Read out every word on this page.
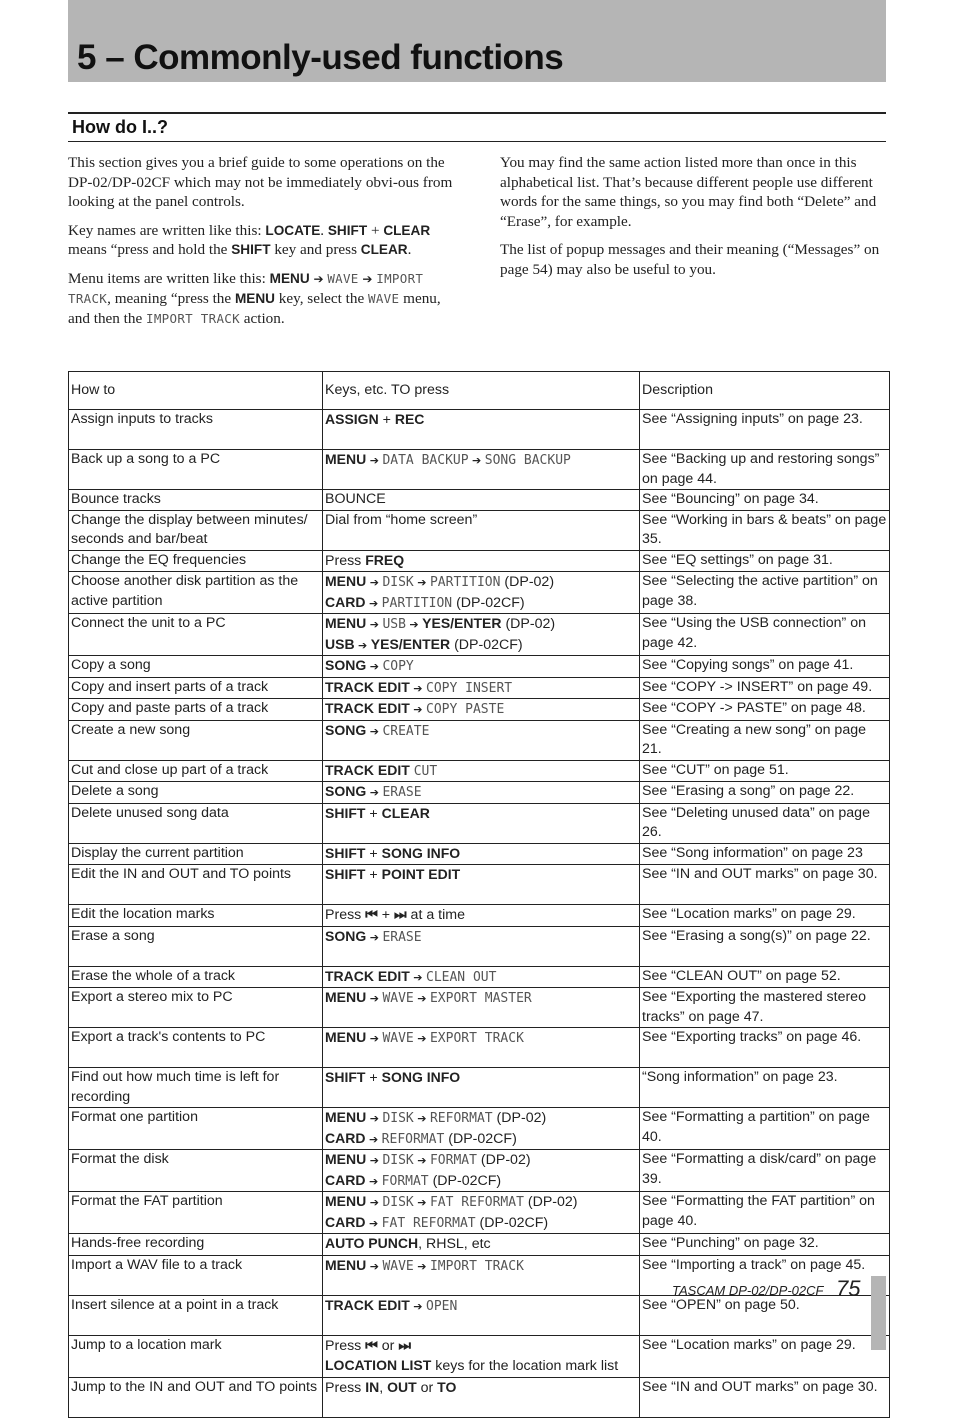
5 – Commonly-used functions
How do I..?

This section gives you a brief guide to some operations on the DP-02/DP-02CF which may not be immediately obvi-ous from looking at the panel controls.

Key names are written like this: LOCATE. SHIFT + CLEAR means “press and hold the SHIFT key and press CLEAR.

Menu items are written like this: MENU ➔ WAVE ➔ IMPORT TRACK, meaning “press the MENU key, select the WAVE menu, and then the IMPORT TRACK action.

You may find the same action listed more than once in this alphabetical list. That’s because different people use different words for the same things, so you may find both “Delete” and “Erase”, for example.

The list of popup messages and their meaning (“Messages” on page 54) may also be useful to you.

How to	Keys, etc. TO press	Description
Assign inputs to tracks	ASSIGN + REC	See “Assigning inputs” on page 23.
Back up a song to a PC	MENU ➔ DATA BACKUP ➔ SONG BACKUP	See “Backing up and restoring songs” on page 44.
Bounce tracks	BOUNCE	See “Bouncing” on page 34.
Change the display between minutes/ seconds and bar/beat	Dial from “home screen”	See “Working in bars & beats” on page 35.
Change the EQ frequencies	Press FREQ	See “EQ settings” on page 31.
Choose another disk partition as the active partition	MENU ➔ DISK ➔ PARTITION (DP-02)
CARD ➔ PARTITION (DP-02CF)	See “Selecting the active partition” on page 38.
Connect the unit to a PC	MENU ➔ USB ➔ YES/ENTER (DP-02)
USB ➔ YES/ENTER (DP-02CF)	See “Using the USB connection” on page 42.
Copy a song	SONG ➔ COPY	See “Copying songs” on page 41.
Copy and insert parts of a track	TRACK EDIT ➔ COPY INSERT	See “COPY -> INSERT” on page 49.
Copy and paste parts of a track	TRACK EDIT ➔ COPY PASTE	See “COPY -> PASTE” on page 48.
Create a new song	SONG ➔ CREATE	See “Creating a new song” on page 21.
Cut and close up part of a track	TRACK EDIT CUT	See “CUT” on page 51.
Delete a song	SONG ➔ ERASE	See “Erasing a song” on page 22.
Delete unused song data	SHIFT + CLEAR	See “Deleting unused data” on page 26.
Display the current partition	SHIFT + SONG INFO	See “Song information” on page 23
Edit the IN and OUT and TO points	SHIFT + POINT EDIT	See “IN and OUT marks” on page 30.
Edit the location marks	Press ⏮ + ⏭ at a time	See “Location marks” on page 29.
Erase a song	SONG ➔ ERASE	See “Erasing a song(s)” on page 22.
Erase the whole of a track	TRACK EDIT ➔ CLEAN OUT	See “CLEAN OUT” on page 52.
Export a stereo mix to PC	MENU ➔ WAVE ➔ EXPORT MASTER	See “Exporting the mastered stereo tracks” on page 47.
Export a track's contents to PC	MENU ➔ WAVE ➔ EXPORT TRACK	See “Exporting tracks” on page 46.
Find out how much time is left for recording	SHIFT + SONG INFO	“Song information” on page 23.
Format one partition	MENU ➔ DISK ➔ REFORMAT (DP-02)
CARD ➔ REFORMAT (DP-02CF)	See “Formatting a partition” on page 40.
Format the disk	MENU ➔ DISK ➔ FORMAT (DP-02)
CARD ➔ FORMAT (DP-02CF)	See “Formatting a disk/card” on page 39.
Format the FAT partition	MENU ➔ DISK ➔ FAT REFORMAT (DP-02)
CARD ➔ FAT REFORMAT (DP-02CF)	See “Formatting the FAT partition” on page 40.
Hands-free recording	AUTO PUNCH, RHSL, etc	See “Punching” on page 32.
Import a WAV file to a track	MENU ➔ WAVE ➔ IMPORT TRACK	See “Importing a track” on page 45.
Insert silence at a point in a track	TRACK EDIT ➔ OPEN	See “OPEN” on page 50.
Jump to a location mark	Press ⏮ or ⏭
LOCATION LIST keys for the location mark list	See “Location marks” on page 29.
Jump to the IN and OUT and TO points	Press IN, OUT or TO	See “IN and OUT marks” on page 30.
TASCAM DP-02/DP-02CF 75
